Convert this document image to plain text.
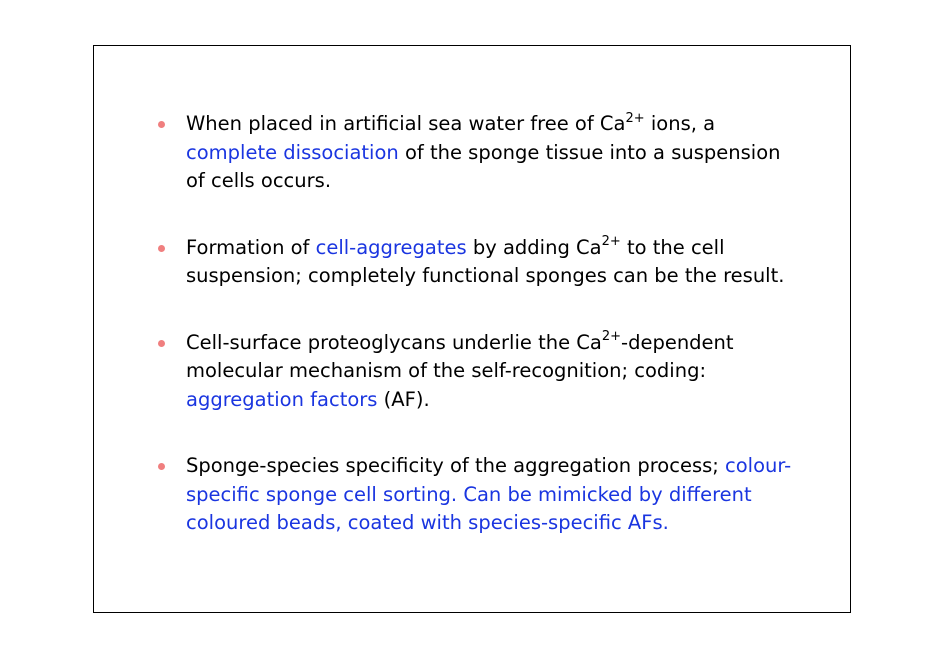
When placed in artificial sea water free of $Ca^{2+}$ ions, a complete dissociation of the sponge tissue into a suspension of cells occurs.
Formation of cell-aggregates by adding $Ca^{2+}$ to the cell suspension; completely functional sponges can be the result.
Cell-surface proteoglycans underlie the $Ca^{2+}$-dependent molecular mechanism of the self-recognition; coding: aggregation factors (AF).
Sponge-species specificity of the aggregation process; colour-specific sponge cell sorting. Can be mimicked by different coloured beads, coated with species-specific AFs.
